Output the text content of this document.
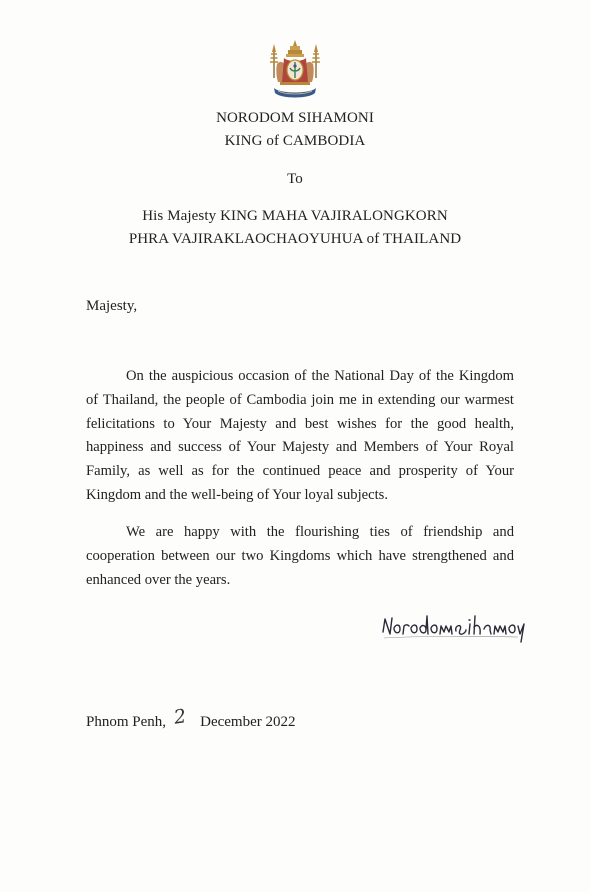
NORODOM SIHAMONI
KING of CAMBODIA
To
His Majesty KING MAHA VAJIRALONGKORN
PHRA VAJIRAKLAOCHAOYUHUA of THAILAND
Majesty,
On the auspicious occasion of the National Day of the Kingdom
of Thailand, the people of Cambodia join me in extending our warmest
felicitations to Your Majesty and best wishes for the good health,
happiness and success of Your Majesty and Members of Your Royal
Family, as well as for the continued peace and prosperity of Your
Kingdom and the well-being of Your loyal subjects.
We are happy with the flourishing ties of friendship and
cooperation between our two Kingdoms which have strengthened and
enhanced over the years.
Phnom Penh, 2 December 2022
